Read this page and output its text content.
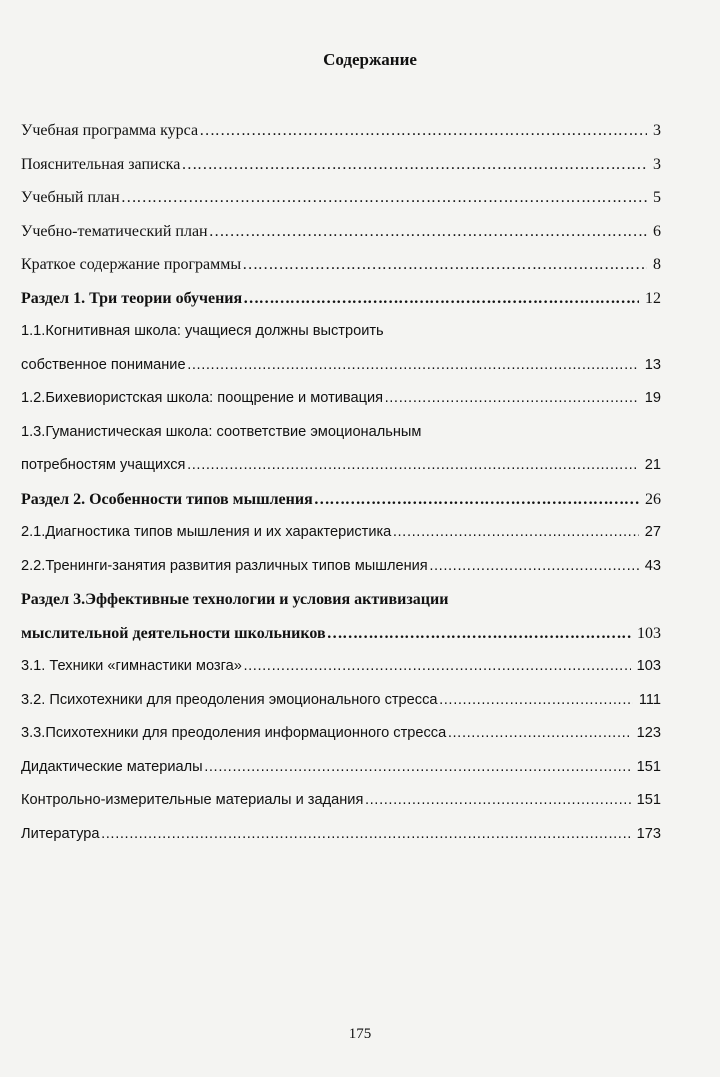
Содержание
Учебная программа курса ……………………………………………………………………………………………………………………………………………………………………………………………	3
Пояснительная записка ……………………………………………………………………………………………………………………………………………………………………………………………	3
Учебный план ……………………………………………………………………………………………………………………………………………………………………………………………	5
Учебно-тематический план ……………………………………………………………………………………………………………………………………………………………………………………………	6
Краткое содержание программы ……………………………………………………………………………………………………………………………………………………………………………………………	8
Раздел 1. Три теории обучения ……………………………………………………………………………………………………………………………………………………………………………………………	12
1.1.Когнитивная школа: учащиеся должны выстроить
собственное понимание ……………………………………………………………………………………………………………………………………………………………………………………………	13
1.2.Бихевиористская школа: поощрение и мотивация ……………………………………………………………………………………………………………………………………………………………………………………………	19
1.3.Гуманистическая школа: соответствие эмоциональным
потребностям учащихся ……………………………………………………………………………………………………………………………………………………………………………………………	21
Раздел 2. Особенности типов мышления ……………………………………………………………………………………………………………………………………………………………………………………………	26
2.1.Диагностика типов мышления и их характеристика ……………………………………………………………………………………………………………………………………………………………………………………………	27
2.2.Тренинги-занятия развития различных типов мышления ……………………………………………………………………………………………………………………………………………………………………………………………	43
Раздел 3.Эффективные технологии и условия активизации
мыслительной деятельности школьников ……………………………………………………………………………………………………………………………………………………………………………………………	103
3.1. Техники «гимнастики мозга» ……………………………………………………………………………………………………………………………………………………………………………………………	103
3.2. Психотехники для преодоления эмоционального стресса ……………………………………………………………………………………………………………………………………………………………………………………………	111
3.3.Психотехники для преодоления информационного стресса ……………………………………………………………………………………………………………………………………………………………………………………………	123
Дидактические материалы ……………………………………………………………………………………………………………………………………………………………………………………………	151
Контрольно-измерительные материалы и задания ……………………………………………………………………………………………………………………………………………………………………………………………	151
Литература ……………………………………………………………………………………………………………………………………………………………………………………………	173
175
